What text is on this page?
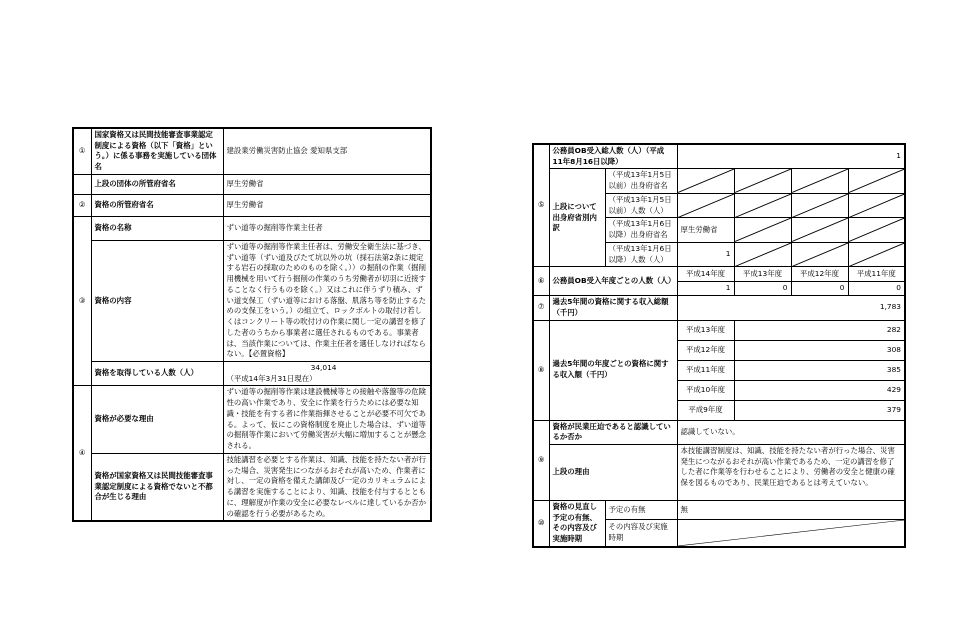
①	国家資格又は民間技能審査事業認定制度による資格（以下「資格」という。）に係る事務を実施している団体名	建設業労働災害防止協会 愛知県支部
	上段の団体の所管府省名	厚生労働省
②	資格の所管府省名	厚生労働省
③	資格の名称	ずい道等の掘削等作業主任者
	資格の内容	ずい道等の掘削等作業主任者は、労働安全衛生法に基づき、ずい道等（ずい道及びたて坑以外の坑（採石法第2条に規定する岩石の採取のためのものを除く。））の掘削の作業（掘削用機械を用いて行う掘削の作業のうち労働者が切羽に近接することなく行うものを除く。）又はこれに伴うずり積み、ずい道支保工（ずい道等における落盤、肌落ち等を防止するための支保工をいう。）の組立て、ロックボルトの取付け若しくはコンクリート等の吹付けの作業に関し一定の講習を修了した者のうちから事業者に選任されるものである。事業者は、当該作業については、作業主任者を選任しなければならない。【必置資格】
	資格を取得している人数（人）	34,014 （平成14年3月31日現在）
④	資格が必要な理由	ずい道等の掘削等作業は建設機械等との接触や落盤等の危険性の高い作業であり、安全に作業を行うためには必要な知識・技能を有する者に作業指揮させることが必要不可欠である。よって、仮にこの資格制度を廃止した場合は、ずい道等の掘削等作業において労働災害が大幅に増加することが懸念される。
	資格が国家資格又は民間技能審査事業認定制度による資格でないと不都合が生じる理由	技能講習を必要とする作業は、知識、技能を持たない者が行った場合、災害発生につながるおそれが高いため、作業者に対し、一定の資格を備えた講師及び一定のカリキュラムによる講習を実施することにより、知識、技能を付与するとともに、理解度が作業の安全に必要なレベルに達しているか否かの確認を行う必要があるため。
⑤	公務員OB受入総人数（人）（平成11年8月16日以降）		1			
	上段について出身府省別内訳	（平成13年1月5日以前）出身府省名	

		（平成13年1月5日以前）人数（人）	

		（平成13年1月6日以降）出身府省名	厚生労働省	

		（平成13年1月6日以降）人数（人）	1	

⑥	公務員OB受入年度ごとの人数（人）		平成14年度	平成13年度	平成12年度	平成11年度
			1	0	0	0
⑦	過去5年間の資格に関する収入総額（千円）		1,783			
⑧	過去5年間の年度ごとの資格に関する収入額（千円）		平成13年度	282		
			平成12年度	308		
			平成11年度	385		
			平成10年度	429		
			平成9年度	379		
⑨	資格が民業圧迫であると認識しているか否か		認識していない。			
	上段の理由		本技能講習制度は、知識、技能を持たない者が行った場合、災害発生につながるおそれが高い作業であるため、一定の講習を修了した者に作業等を行わせることにより、労働者の安全と健康の確保を図るものであり、民業圧迫であるとは考えていない。			
⑩	資格の見直し予定の有無、その内容及び実施時期	予定の有無	無			
		その内容及び実施時期	
